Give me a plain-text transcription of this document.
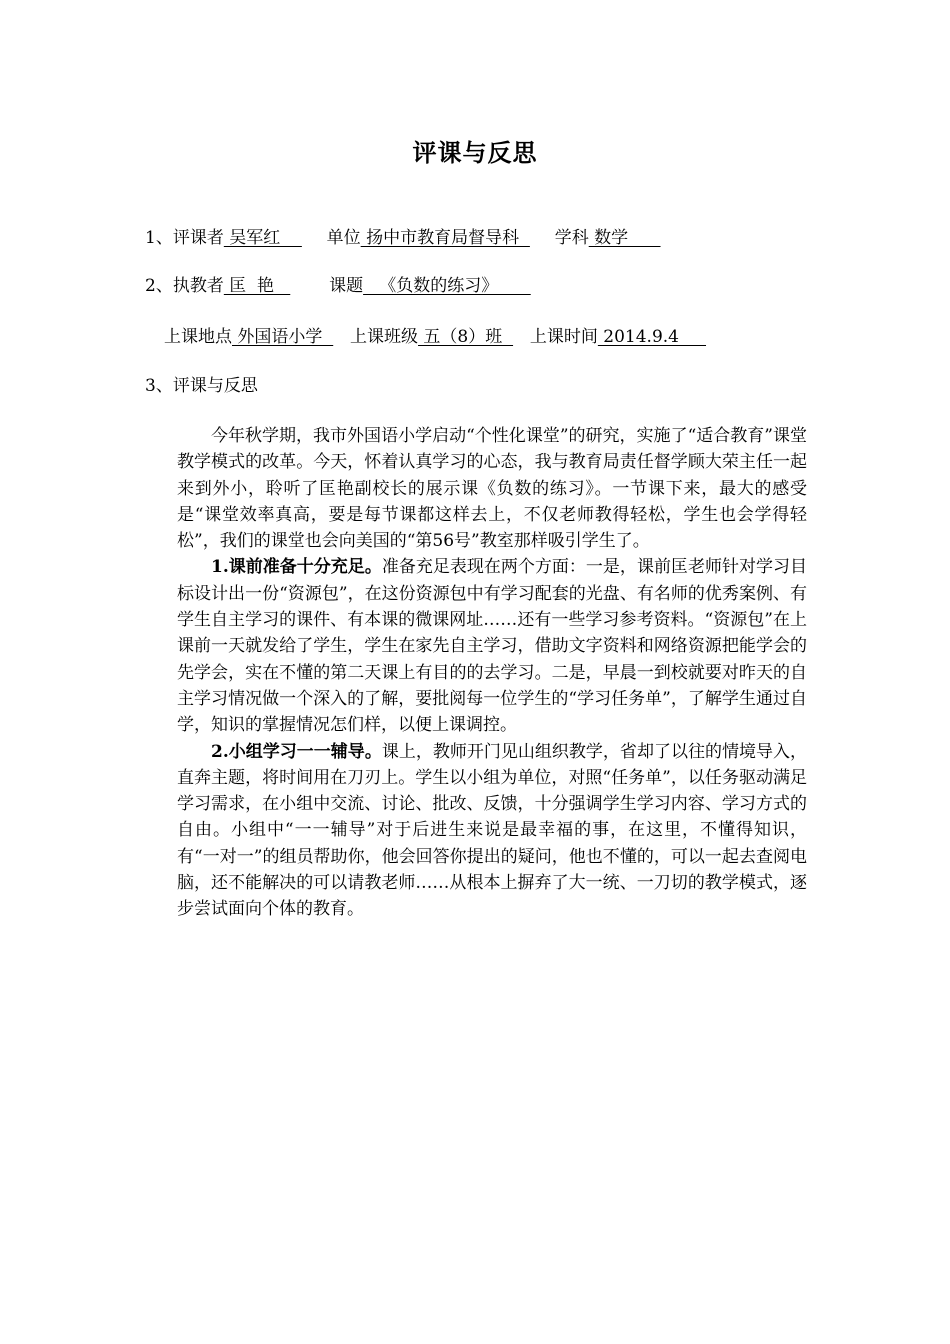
评课与反思
1、评课者 吴军红      单位 扬中市教育局督导科    学科 数学
2、执教者 匡  艳     课题   《负数的练习》
上课地点 外国语小学    上课班级 五（8）班    上课时间 2014.9.4
3、评课与反思

今年秋学期，我市外国语小学启动“个性化课堂”的研究，实施了“适合教育”课堂教学模式的改革。今天，怀着认真学习的心态，我与教育局责任督学顾大荣主任一起来到外小，聆听了匡艳副校长的展示课《负数的练习》。一节课下来，最大的感受是“课堂效率真高，要是每节课都这样去上，不仅老师教得轻松，学生也会学得轻松”，我们的课堂也会向美国的“第56号”教室那样吸引学生了。

1.课前准备十分充足。准备充足表现在两个方面：一是，课前匡老师针对学习目标设计出一份“资源包”，在这份资源包中有学习配套的光盘、有名师的优秀案例、有学生自主学习的课件、有本课的微课网址……还有一些学习参考资料。“资源包”在上课前一天就发给了学生，学生在家先自主学习，借助文字资料和网络资源把能学会的先学会，实在不懂的第二天课上有目的的去学习。二是，早晨一到校就要对昨天的自主学习情况做一个深入的了解，要批阅每一位学生的“学习任务单”，了解学生通过自学，知识的掌握情况怎们样，以便上课调控。

2.小组学习一一辅导。课上，教师开门见山组织教学，省却了以往的情境导入，直奔主题，将时间用在刀刃上。学生以小组为单位，对照“任务单”，以任务驱动满足学习需求，在小组中交流、讨论、批改、反馈，十分强调学生学习内容、学习方式的自由。小组中“一一辅导”对于后进生来说是最幸福的事，在这里，不懂得知识，有“一对一”的组员帮助你，他会回答你提出的疑问，他也不懂的，可以一起去查阅电脑，还不能解决的可以请教老师……从根本上摒弃了大一统、一刀切的教学模式，逐步尝试面向个体的教育。
